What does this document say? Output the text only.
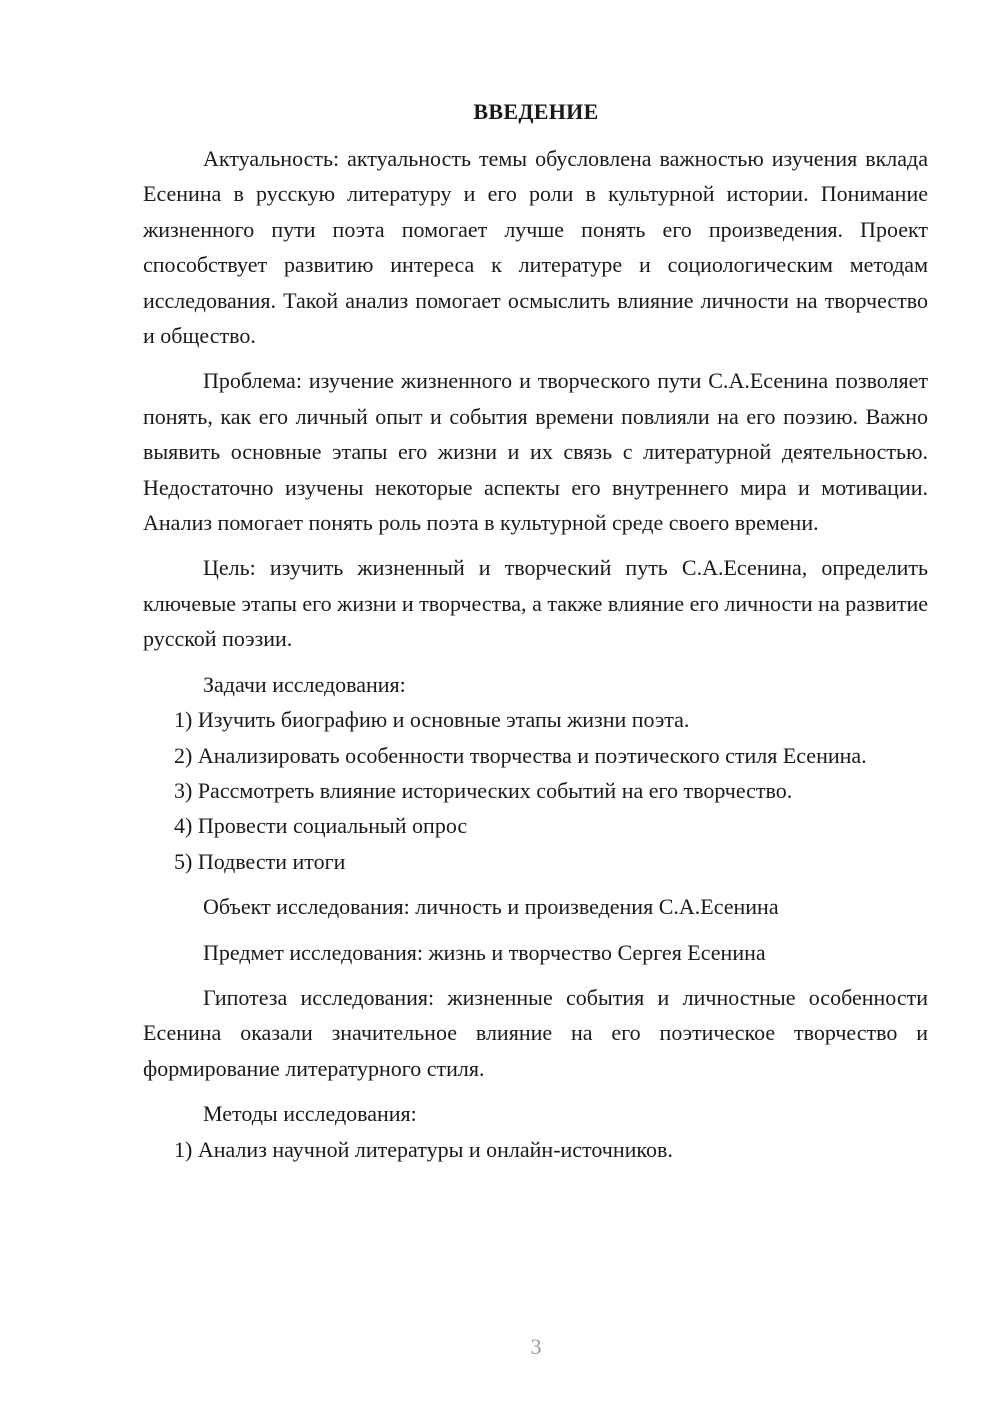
ВВЕДЕНИЕ

Актуальность: актуальность темы обусловлена важностью изучения вклада Есенина в русскую литературу и его роли в культурной истории. Понимание жизненного пути поэта помогает лучше понять его произведения. Проект способствует развитию интереса к литературе и социологическим методам исследования. Такой анализ помогает осмыслить влияние личности на творчество и общество.

Проблема: изучение жизненного и творческого пути С.А.Есенина позволяет понять, как его личный опыт и события времени повлияли на его поэзию. Важно выявить основные этапы его жизни и их связь с литературной деятельностью. Недостаточно изучены некоторые аспекты его внутреннего мира и мотивации. Анализ помогает понять роль поэта в культурной среде своего времени.

Цель: изучить жизненный и творческий путь С.А.Есенина, определить ключевые этапы его жизни и творчества, а также влияние его личности на развитие русской поэзии.

Задачи исследования:

1) Изучить биографию и основные этапы жизни поэта.

2) Анализировать особенности творчества и поэтического стиля Есенина.

3) Рассмотреть влияние исторических событий на его творчество.

4) Провести социальный опрос

5) Подвести итоги

Объект исследования: личность и произведения С.А.Есенина

Предмет исследования: жизнь и творчество Сергея Есенина

Гипотеза исследования: жизненные события и личностные особенности Есенина оказали значительное влияние на его поэтическое творчество и формирование литературного стиля.

Методы исследования:

1) Анализ научной литературы и онлайн-источников.

3
